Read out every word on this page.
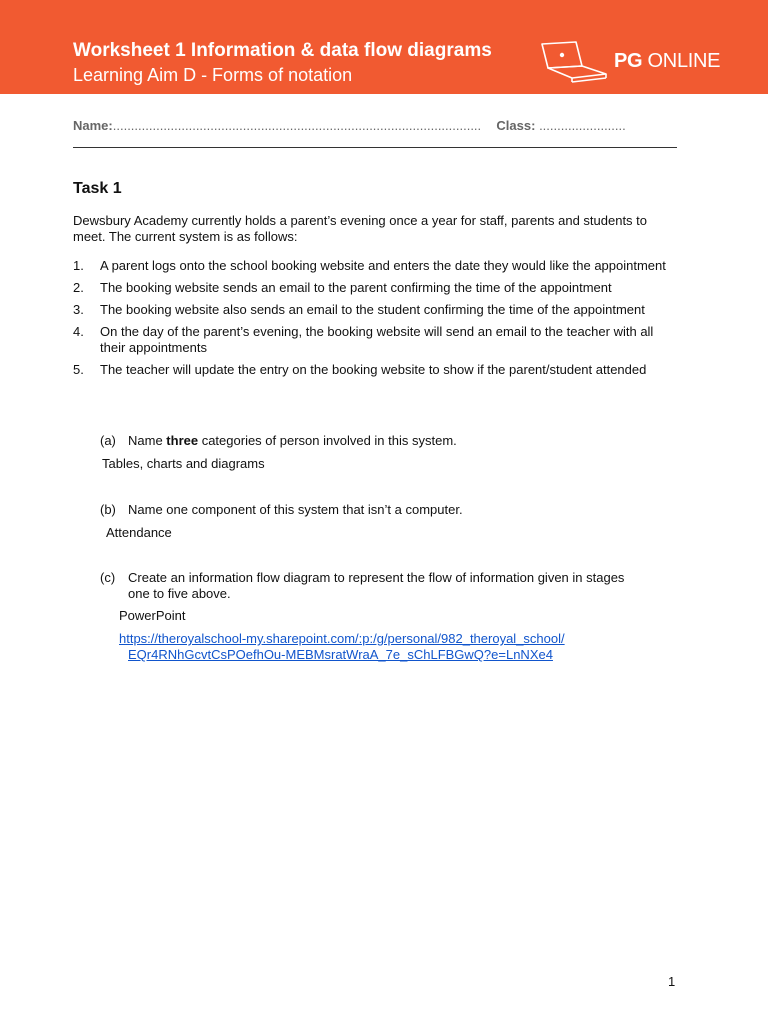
Worksheet 1 Information & data flow diagrams
Learning Aim D - Forms of notation
PG ONLINE
Name:...................................................................................................... Class: ........................
Task 1
Dewsbury Academy currently holds a parent’s evening once a year for staff, parents and students to meet. The current system is as follows:
1. A parent logs onto the school booking website and enters the date they would like the appointment
2. The booking website sends an email to the parent confirming the time of the appointment
3. The booking website also sends an email to the student confirming the time of the appointment
4. On the day of the parent’s evening, the booking website will send an email to the teacher with all their appointments
5. The teacher will update the entry on the booking website to show if the parent/student attended
(a) Name three categories of person involved in this system.
Tables, charts and diagrams
(b) Name one component of this system that isn’t a computer.
Attendance
(c) Create an information flow diagram to represent the flow of information given in stages one to five above.
PowerPoint
https://theroyalschool-my.sharepoint.com/:p:/g/personal/982_theroyal_school/
EQr4RNhGcvtCsPOefhOu-MEBMsratWraA_7e_sChLFBGwQ?e=LnNXe4
1
